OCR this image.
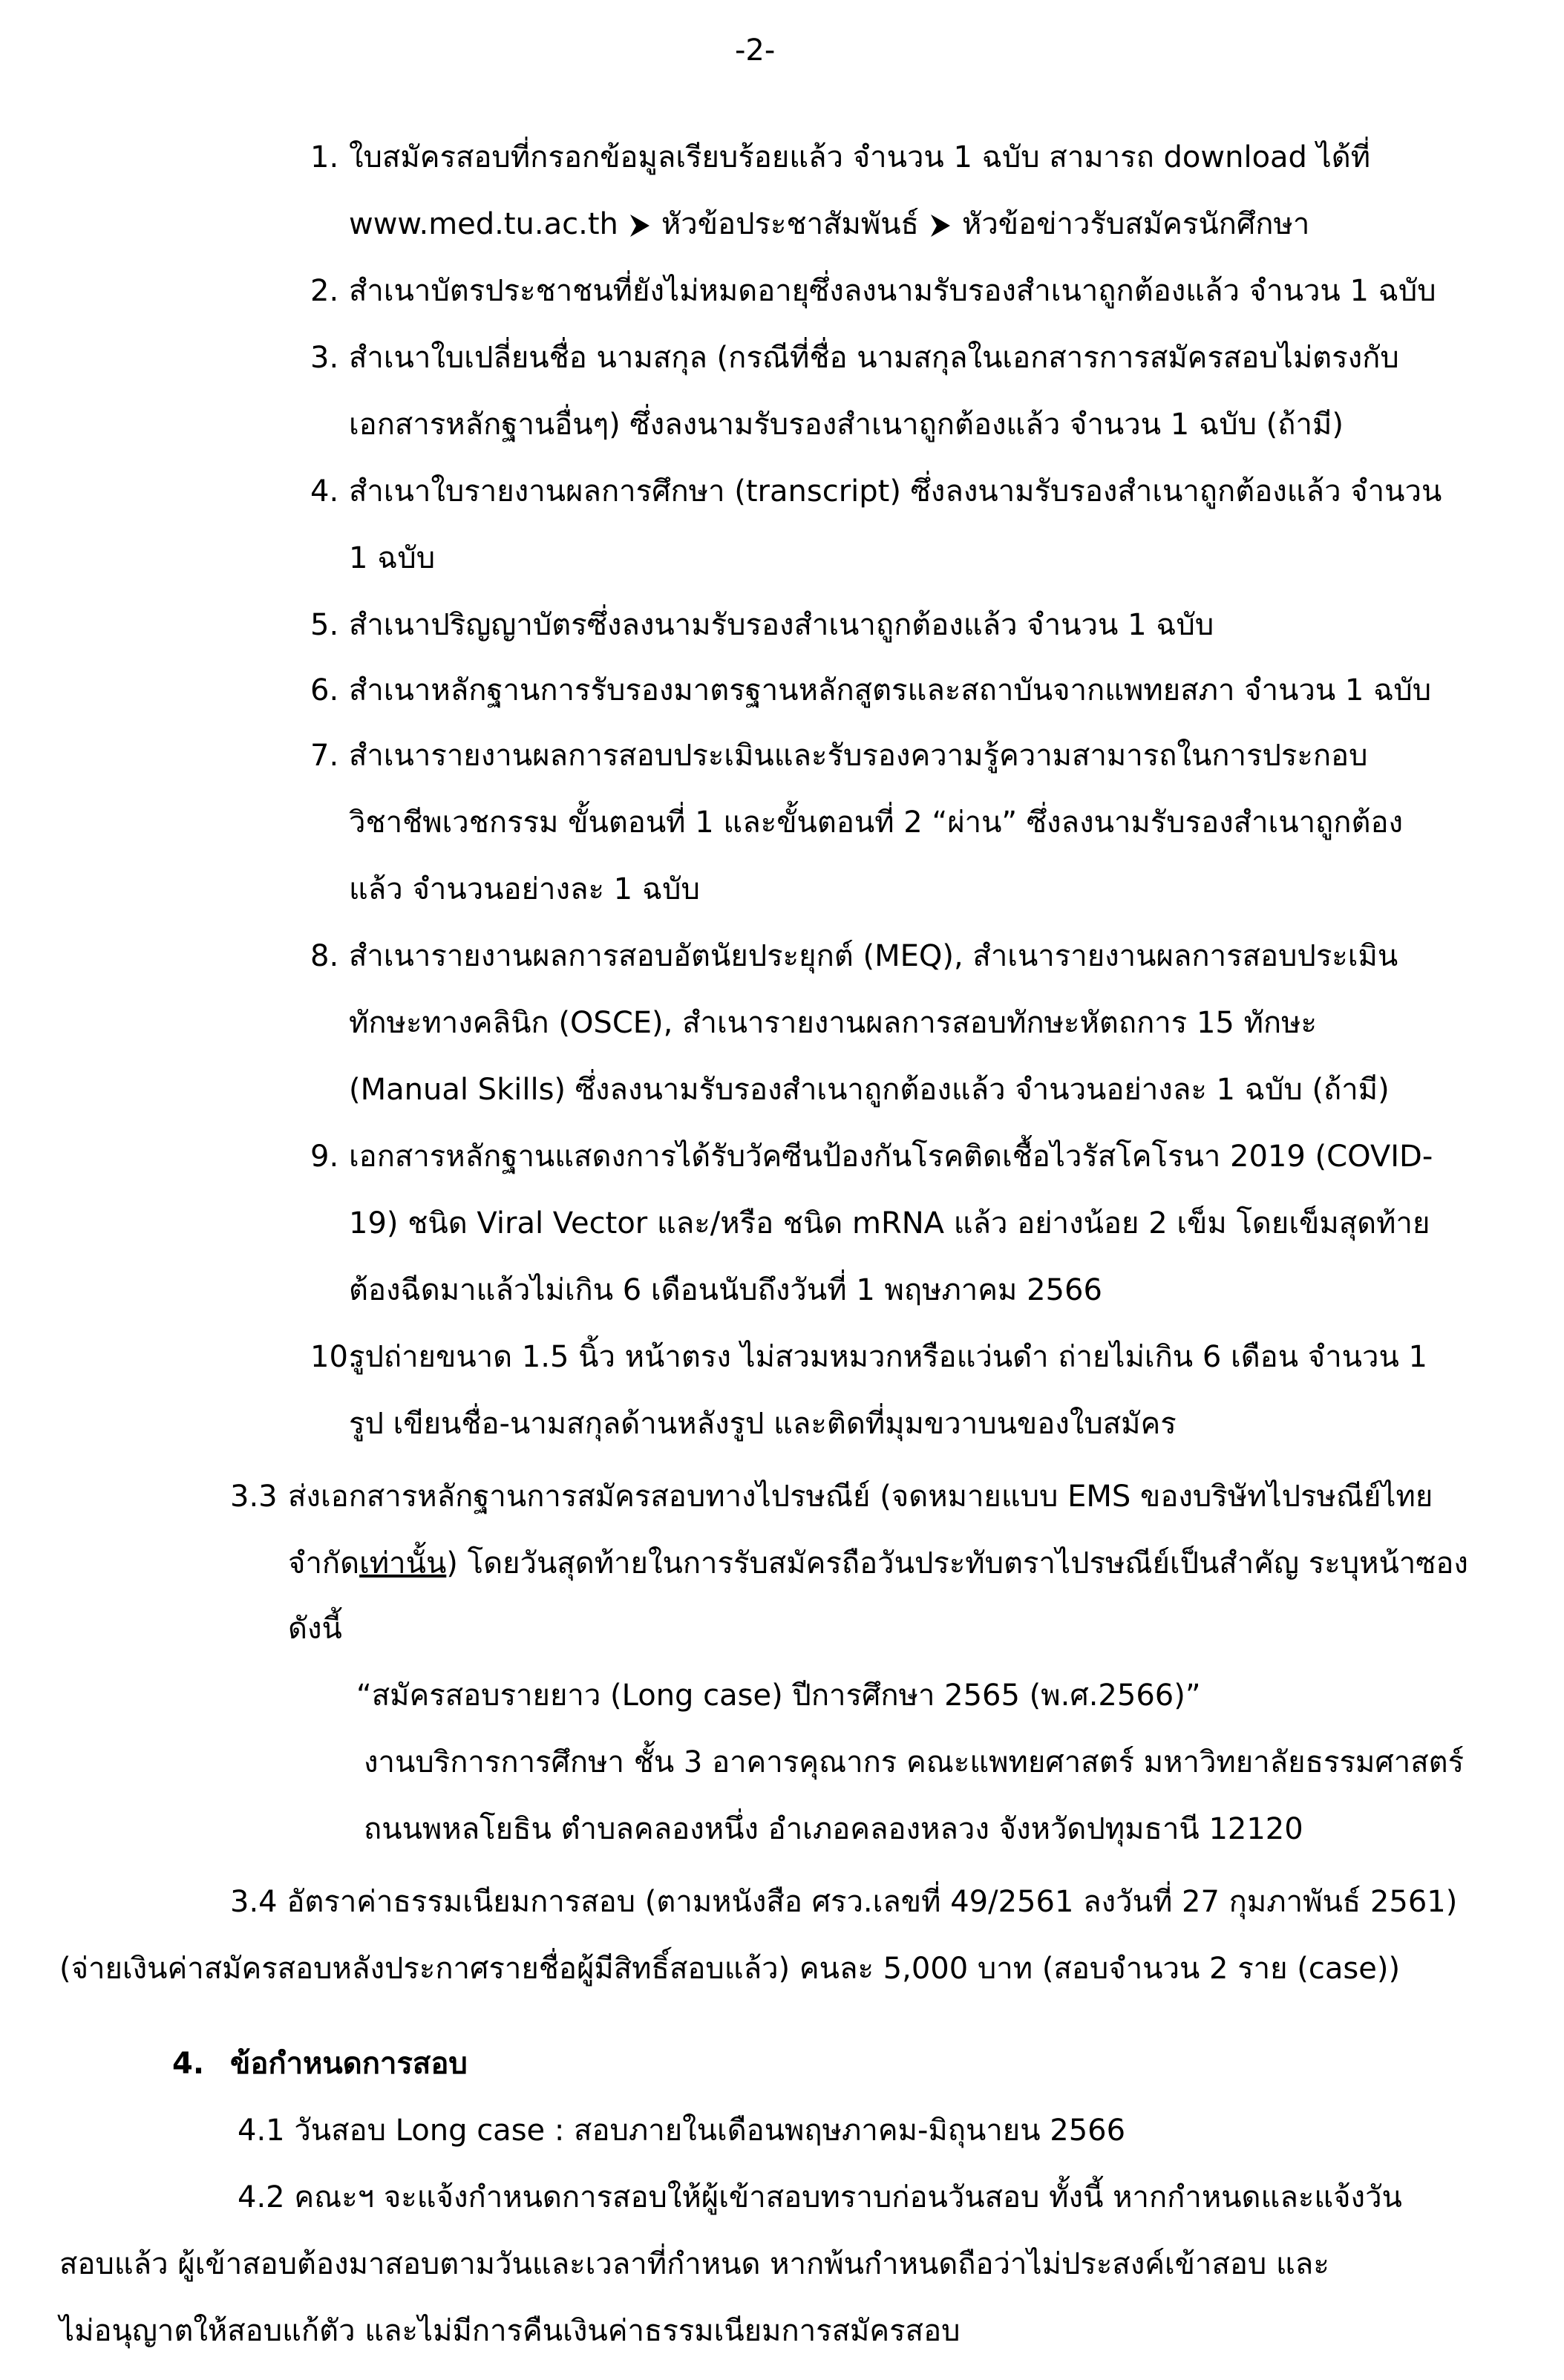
-2-
1. ใบสมัครสอบที่กรอกข้อมูลเรียบร้อยแล้ว จำนวน 1 ฉบับ สามารถ download ได้ที่
www.med.tu.ac.th หัวข้อประชาสัมพันธ์ หัวข้อข่าวรับสมัครนักศึกษา
2. สำเนาบัตรประชาชนที่ยังไม่หมดอายุซึ่งลงนามรับรองสำเนาถูกต้องแล้ว จำนวน 1 ฉบับ
3. สำเนาใบเปลี่ยนชื่อ นามสกุล (กรณีที่ชื่อ นามสกุลในเอกสารการสมัครสอบไม่ตรงกับ
เอกสารหลักฐานอื่นๆ) ซึ่งลงนามรับรองสำเนาถูกต้องแล้ว จำนวน 1 ฉบับ (ถ้ามี)
4. สำเนาใบรายงานผลการศึกษา (transcript) ซึ่งลงนามรับรองสำเนาถูกต้องแล้ว จำนวน
1 ฉบับ
5. สำเนาปริญญาบัตรซึ่งลงนามรับรองสำเนาถูกต้องแล้ว จำนวน 1 ฉบับ
6. สำเนาหลักฐานการรับรองมาตรฐานหลักสูตรและสถาบันจากแพทยสภา จำนวน 1 ฉบับ
7. สำเนารายงานผลการสอบประเมินและรับรองความรู้ความสามารถในการประกอบ
วิชาชีพเวชกรรม ขั้นตอนที่ 1 และขั้นตอนที่ 2 “ผ่าน” ซึ่งลงนามรับรองสำเนาถูกต้อง
แล้ว จำนวนอย่างละ 1 ฉบับ
8. สำเนารายงานผลการสอบอัตนัยประยุกต์ (MEQ), สำเนารายงานผลการสอบประเมิน
ทักษะทางคลินิก (OSCE), สำเนารายงานผลการสอบทักษะหัตถการ 15 ทักษะ
(Manual Skills) ซึ่งลงนามรับรองสำเนาถูกต้องแล้ว จำนวนอย่างละ 1 ฉบับ (ถ้ามี)
9. เอกสารหลักฐานแสดงการได้รับวัคซีนป้องกันโรคติดเชื้อไวรัสโคโรนา 2019 (COVID-
19) ชนิด Viral Vector และ/หรือ ชนิด mRNA แล้ว อย่างน้อย 2 เข็ม โดยเข็มสุดท้าย
ต้องฉีดมาแล้วไม่เกิน 6 เดือนนับถึงวันที่ 1 พฤษภาคม 2566
10.
รูปถ่ายขนาด 1.5 นิ้ว หน้าตรง ไม่สวมหมวกหรือแว่นดำ ถ่ายไม่เกิน 6 เดือน จำนวน 1
รูป เขียนชื่อ-นามสกุลด้านหลังรูป และติดที่มุมขวาบนของใบสมัคร
3.3 ส่งเอกสารหลักฐานการสมัครสอบทางไปรษณีย์ (จดหมายแบบ EMS ของบริษัทไปรษณีย์ไทย
จำกัดเท่านั้น) โดยวันสุดท้ายในการรับสมัครถือวันประทับตราไปรษณีย์เป็นสำคัญ ระบุหน้าซอง
ดังนี้
“สมัครสอบรายยาว (Long case) ปีการศึกษา 2565 (พ.ศ.2566)”
งานบริการการศึกษา ชั้น 3 อาคารคุณากร คณะแพทยศาสตร์ มหาวิทยาลัยธรรมศาสตร์
ถนนพหลโยธิน ตำบลคลองหนึ่ง อำเภอคลองหลวง จังหวัดปทุมธานี 12120
3.4 อัตราค่าธรรมเนียมการสอบ (ตามหนังสือ ศรว.เลขที่ 49/2561 ลงวันที่ 27 กุมภาพันธ์ 2561)
(จ่ายเงินค่าสมัครสอบหลังประกาศรายชื่อผู้มีสิทธิ์สอบแล้ว) คนละ 5,000 บาท (สอบจำนวน 2 ราย (case))
4. ข้อกำหนดการสอบ
4.1 วันสอบ Long case : สอบภายในเดือนพฤษภาคม-มิถุนายน 2566
4.2 คณะฯ จะแจ้งกำหนดการสอบให้ผู้เข้าสอบทราบก่อนวันสอบ ทั้งนี้ หากกำหนดและแจ้งวัน
สอบแล้ว ผู้เข้าสอบต้องมาสอบตามวันและเวลาที่กำหนด หากพ้นกำหนดถือว่าไม่ประสงค์เข้าสอบ และ
ไม่อนุญาตให้สอบแก้ตัว และไม่มีการคืนเงินค่าธรรมเนียมการสมัครสอบ
